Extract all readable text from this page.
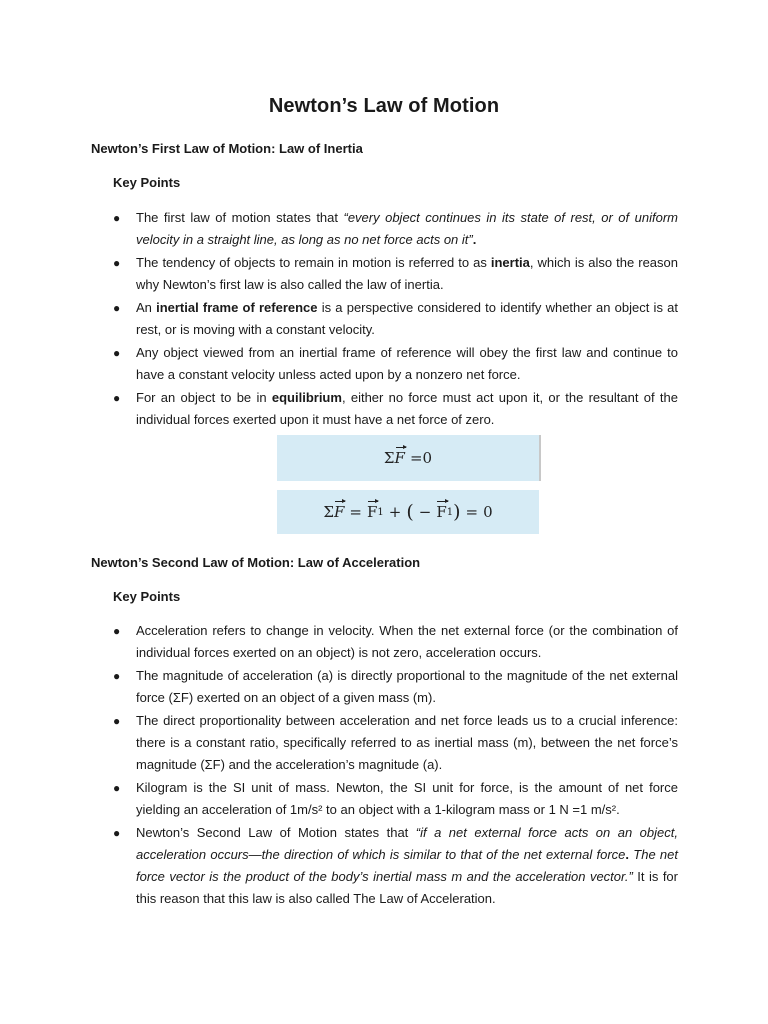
Newton’s Law of Motion
Newton’s First Law of Motion: Law of Inertia
Key Points
● The first law of motion states that “every object continues in its state of rest, or of uniform velocity in a straight line, as long as no net force acts on it”.
● The tendency of objects to remain in motion is referred to as inertia, which is also the reason why Newton’s first law is also called the law of inertia.
● An inertial frame of reference is a perspective considered to identify whether an object is at rest, or is moving with a constant velocity.
● Any object viewed from an inertial frame of reference will obey the first law and continue to have a constant velocity unless acted upon by a nonzero net force.
● For an object to be in equilibrium, either no force must act upon it, or the resultant of the individual forces exerted upon it must have a net force of zero.
Σ F = 0
Σ F = F 1 + ( − F 1 ) = 0
Newton’s Second Law of Motion: Law of Acceleration
Key Points
● Acceleration refers to change in velocity. When the net external force (or the combination of individual forces exerted on an object) is not zero, acceleration occurs.
● The magnitude of acceleration (a) is directly proportional to the magnitude of the net external force (ΣF) exerted on an object of a given mass (m).
● The direct proportionality between acceleration and net force leads us to a crucial inference: there is a constant ratio, specifically referred to as inertial mass (m), between the net force’s magnitude (ΣF) and the acceleration’s magnitude (a).
● Kilogram is the SI unit of mass. Newton, the SI unit for force, is the amount of net force yielding an acceleration of 1m/s² to an object with a 1-kilogram mass or 1 N =1 m/s².
● Newton’s Second Law of Motion states that “if a net external force acts on an object, acceleration occurs—the direction of which is similar to that of the net external force. The net force vector is the product of the body’s inertial mass m and the acceleration vector.” It is for this reason that this law is also called The Law of Acceleration.
